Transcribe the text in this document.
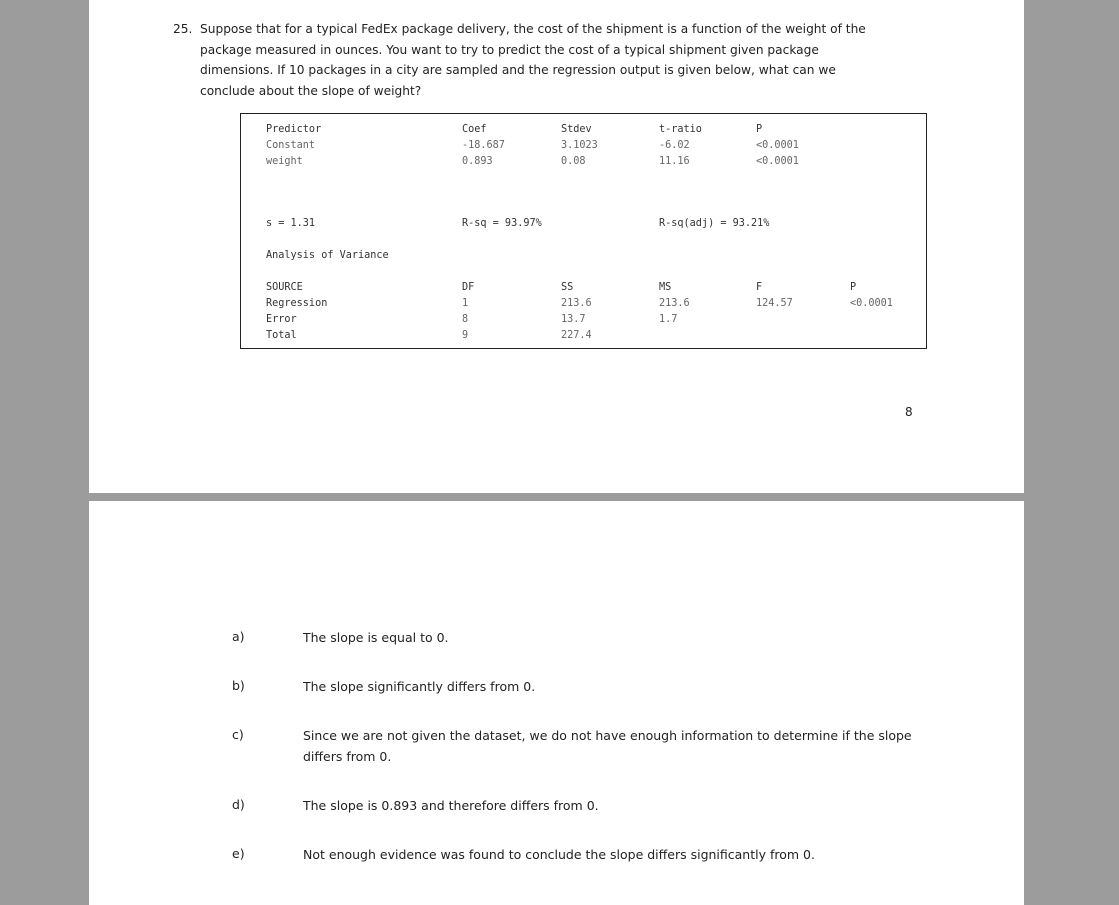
25. Suppose that for a typical FedEx package delivery, the cost of the shipment is a function of the weight of the package measured in ounces. You want to try to predict the cost of a typical shipment given package dimensions. If 10 packages in a city are sampled and the regression output is given below, what can we conclude about the slope of weight?
Predictor	Coef	Stdev	t-ratio	P
Constant	-18.687	3.1023	-6.02	<0.0001
weight	0.893	0.08	11.16	<0.0001
s = 1.31	R-sq = 93.97%	R-sq(adj) = 93.21%
Analysis of Variance
SOURCE	DF	SS	MS	F	P
Regression	1	213.6	213.6	124.57	<0.0001
Error	8	13.7	1.7
Total	9	227.4
8
a)	The slope is equal to 0.
b)	The slope significantly differs from 0.
c)	Since we are not given the dataset, we do not have enough information to determine if the slope differs from 0.
d)	The slope is 0.893 and therefore differs from 0.
e)	Not enough evidence was found to conclude the slope differs significantly from 0.
